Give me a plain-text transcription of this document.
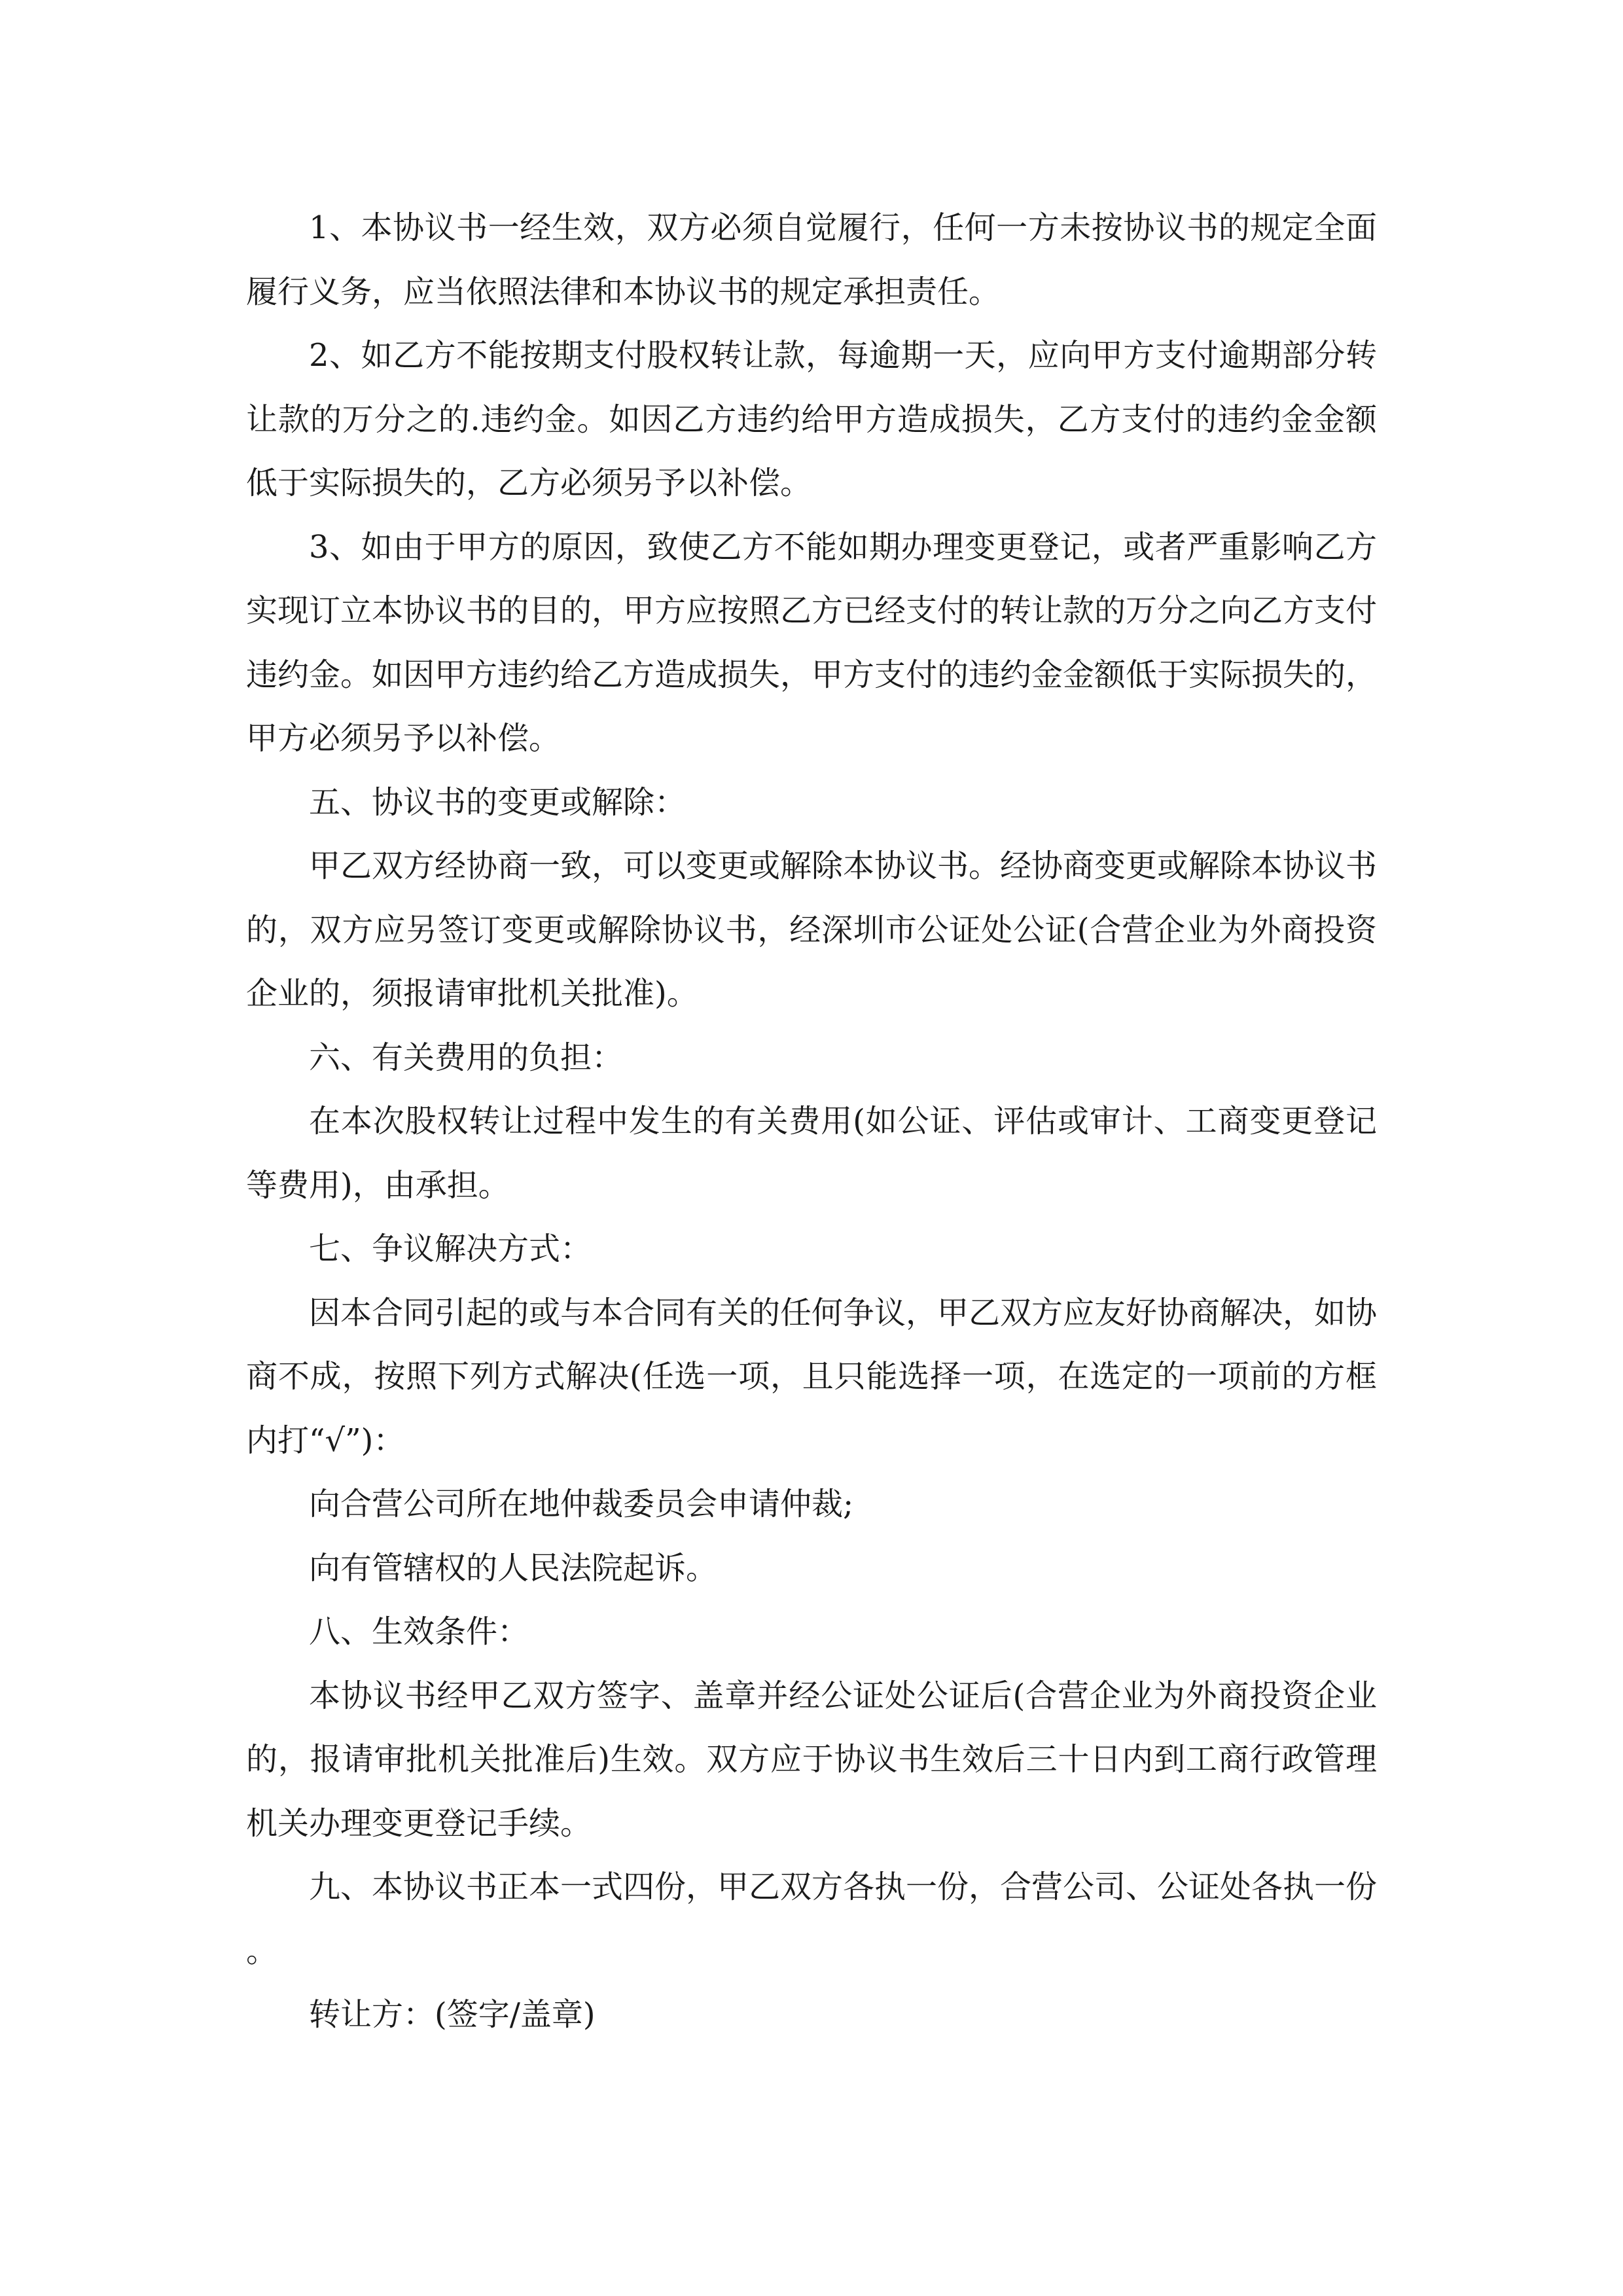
1、本协议书一经生效，双方必须自觉履行，任何一方未按协议书的规定全面履行义务，应当依照法律和本协议书的规定承担责任。

2、如乙方不能按期支付股权转让款，每逾期一天，应向甲方支付逾期部分转让款的万分之的.违约金。如因乙方违约给甲方造成损失，乙方支付的违约金金额低于实际损失的，乙方必须另予以补偿。

3、如由于甲方的原因，致使乙方不能如期办理变更登记，或者严重影响乙方实现订立本协议书的目的，甲方应按照乙方已经支付的转让款的万分之向乙方支付违约金。如因甲方违约给乙方造成损失，甲方支付的违约金金额低于实际损失的，甲方必须另予以补偿。

五、协议书的变更或解除：

甲乙双方经协商一致，可以变更或解除本协议书。经协商变更或解除本协议书的，双方应另签订变更或解除协议书，经深圳市公证处公证(合营企业为外商投资企业的，须报请审批机关批准)。

六、有关费用的负担：

在本次股权转让过程中发生的有关费用(如公证、评估或审计、工商变更登记等费用)，由承担。

七、争议解决方式：

因本合同引起的或与本合同有关的任何争议，甲乙双方应友好协商解决，如协商不成，按照下列方式解决(任选一项，且只能选择一项，在选定的一项前的方框内打“√”)：

向合营公司所在地仲裁委员会申请仲裁;

向有管辖权的人民法院起诉。

八、生效条件：

本协议书经甲乙双方签字、盖章并经公证处公证后(合营企业为外商投资企业的，报请审批机关批准后)生效。双方应于协议书生效后三十日内到工商行政管理机关办理变更登记手续。

九、本协议书正本一式四份，甲乙双方各执一份，合营公司、公证处各执一份。

转让方：(签字/盖章)
